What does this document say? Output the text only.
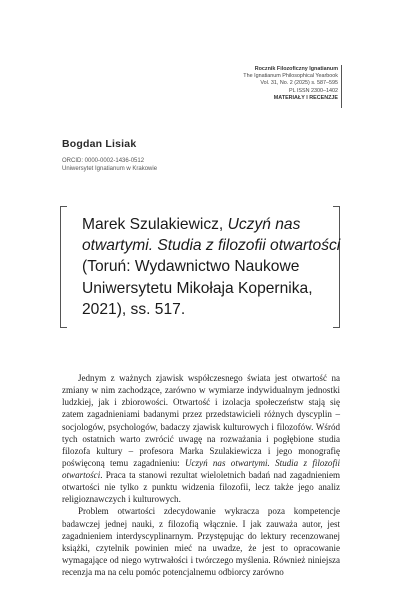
Rocznik Filozoficzny Ignatianum
The Ignatianum Philosophical Yearbook
Vol. 31, No. 2 (2025) s. 587–595
PL ISSN 2300–1402
MATERIAŁY I RECENZJE
Bogdan Lisiak
ORCID: 0000-0002-1436-0512
Uniwersytet Ignatianum w Krakowie
Marek Szulakiewicz, Uczyń nas otwartymi. Studia z filozofii otwartości (Toruń: Wydawnictwo Naukowe Uniwersytetu Mikołaja Kopernika, 2021), ss. 517.

Jednym z ważnych zjawisk współczesnego świata jest otwartość na zmiany w nim zachodzące, zarówno w wymiarze indywidualnym jednostki ludzkiej, jak i zbiorowości. Otwartość i izolacja społeczeństw stają się zatem zagadnieniami badanymi przez przedstawicieli różnych dyscyplin – socjologów, psychologów, badaczy zjawisk kulturowych i filozofów. Wśród tych ostatnich warto zwrócić uwagę na rozważania i pogłębione studia filozofa kultury – profesora Marka Szulakiewicza i jego monografię poświęconą temu zagadnieniu: Uczyń nas otwartymi. Studia z filozofii otwartości. Praca ta stanowi rezultat wieloletnich badań nad zagadnieniem otwartości nie tylko z punktu widzenia filozofii, lecz także jego analiz religioznawczych i kulturowych.

Problem otwartości zdecydowanie wykracza poza kompetencje badawczej jednej nauki, z filozofią włącznie. I jak zauważa autor, jest zagadnieniem interdyscyplinarnym. Przystępując do lektury recenzowanej książki, czytelnik powinien mieć na uwadze, że jest to opracowanie wymagające od niego wytrwałości i twórczego myślenia. Również niniejsza recenzja ma na celu pomóc potencjalnemu odbiorcy zarówno
